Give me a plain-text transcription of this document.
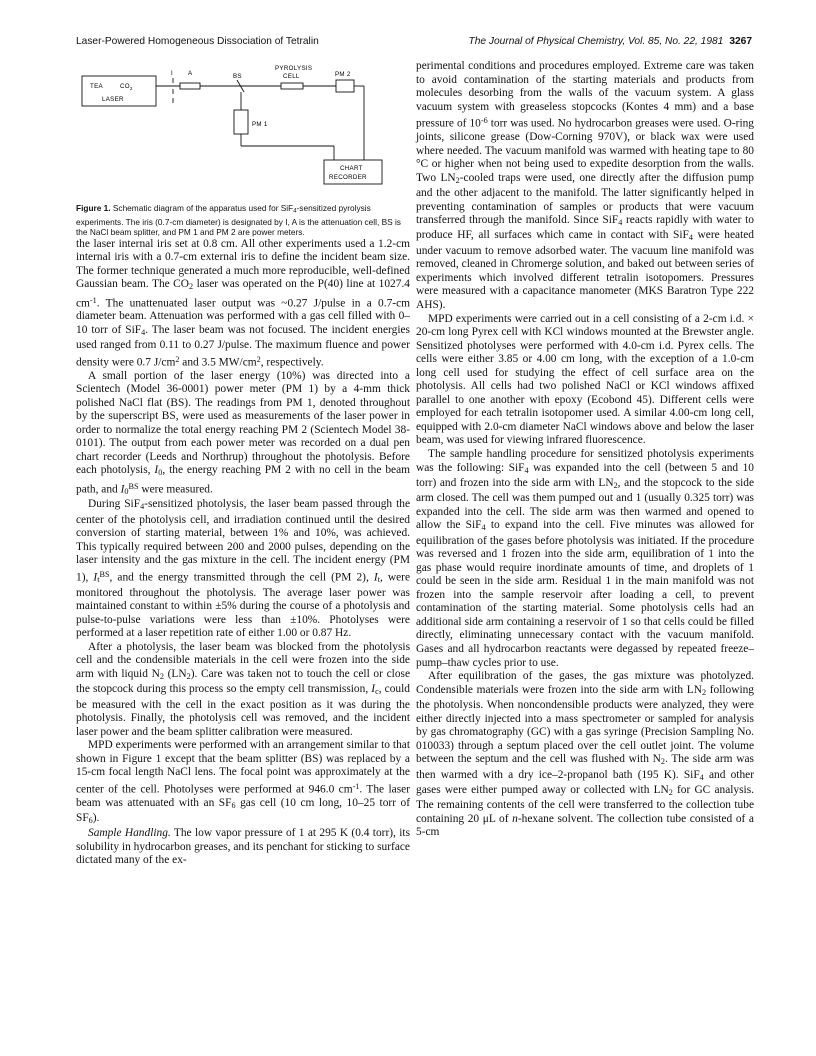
Laser-Powered Homogeneous Dissociation of Tetralin	The Journal of Physical Chemistry, Vol. 85, No. 22, 1981 3267
TEA	$CO_2$
LASER
I A	BS
PYROLYSIS
CELL	PM 2
PM 1
CHART
RECORDER

Figure 1. Schematic diagram of the apparatus used for SiF$_4$-sensitized pyrolysis experiments. The iris (0.7-cm diameter) is designated by I, A is the attenuation cell, BS is the NaCl beam splitter, and PM 1 and PM 2 are power meters.

the laser internal iris set at 0.8 cm. All other experiments used a 1.2-cm internal iris with a 0.7-cm external iris to define the incident beam size. The former technique generated a much more reproducible, well-defined Gaussian beam. The $CO_2$ laser was operated on the P(40) line at 1027.4 $cm^{-1}$. The unattenuated laser output was ~0.27 J/pulse in a 0.7-cm diameter beam. Attenuation was performed with a gas cell filled with 0–10 torr of SiF$_4$. The laser beam was not focused. The incident energies used ranged from 0.11 to 0.27 J/pulse. The maximum fluence and power density were 0.7 $J/cm^2$ and 3.5 $MW/cm^2$, respectively.

A small portion of the laser energy (10%) was directed into a Scientech (Model 36-0001) power meter (PM 1) by a 4-mm thick polished NaCl flat (BS). The readings from PM 1, denoted throughout by the superscript BS, were used as measurements of the laser power in order to normalize the total energy reaching PM 2 (Scientech Model 38-0101). The output from each power meter was recorded on a dual pen chart recorder (Leeds and Northrup) throughout the photolysis. Before each photolysis, $I_0$, the energy reaching PM 2 with no cell in the beam path, and $I_0^{BS}$ were measured.

During SiF$_4$-sensitized photolysis, the laser beam passed through the center of the photolysis cell, and irradiation continued until the desired conversion of starting material, between 1% and 10%, was achieved. This typically required between 200 and 2000 pulses, depending on the laser intensity and the gas mixture in the cell. The incident energy (PM 1), $I_t^{BS}$, and the energy transmitted through the cell (PM 2), $I_t$, were monitored throughout the photolysis. The average laser power was maintained constant to within ±5% during the course of a photolysis and pulse-to-pulse variations were less than ±10%. Photolyses were performed at a laser repetition rate of either 1.00 or 0.87 Hz.

After a photolysis, the laser beam was blocked from the photolysis cell and the condensible materials in the cell were frozen into the side arm with liquid $N_2$ $(LN_2)$. Care was taken not to touch the cell or close the stopcock during this process so the empty cell transmission, $I_c$, could be measured with the cell in the exact position as it was during the photolysis. Finally, the photolysis cell was removed, and the incident laser power and the beam splitter calibration were measured.

MPD experiments were performed with an arrangement similar to that shown in Figure 1 except that the beam splitter (BS) was replaced by a 15-cm focal length NaCl lens. The focal point was approximately at the center of the cell. Photolyses were performed at 946.0 $cm^{-1}$. The laser beam was attenuated with an $SF_6$ gas cell (10 cm long, 10–25 torr of $SF_6$).

Sample Handling. The low vapor pressure of 1 at 295 K (0.4 torr), its solubility in hydrocarbon greases, and its penchant for sticking to surface dictated many of the ex-

perimental conditions and procedures employed. Extreme care was taken to avoid contamination of the starting materials and products from molecules desorbing from the walls of the vacuum system. A glass vacuum system with greaseless stopcocks (Kontes 4 mm) and a base pressure of $10^{-6}$ torr was used. No hydrocarbon greases were used. O-ring joints, silicone grease (Dow-Corning 970V), or black wax were used where needed. The vacuum manifold was warmed with heating tape to 80 °C or higher when not being used to expedite desorption from the walls. Two $LN_2$-cooled traps were used, one directly after the diffusion pump and the other adjacent to the manifold. The latter significantly helped in preventing contamination of samples or products that were vacuum transferred through the manifold. Since SiF$_4$ reacts rapidly with water to produce HF, all surfaces which came in contact with SiF$_4$ were heated under vacuum to remove adsorbed water. The vacuum line manifold was removed, cleaned in Chromerge solution, and baked out between series of experiments which involved different tetralin isotopomers. Pressures were measured with a capacitance manometer (MKS Baratron Type 222 AHS).

MPD experiments were carried out in a cell consisting of a 2-cm i.d. × 20-cm long Pyrex cell with KCl windows mounted at the Brewster angle. Sensitized photolyses were performed with 4.0-cm i.d. Pyrex cells. The cells were either 3.85 or 4.00 cm long, with the exception of a 1.0-cm long cell used for studying the effect of cell surface area on the photolysis. All cells had two polished NaCl or KCl windows affixed parallel to one another with epoxy (Ecobond 45). Different cells were employed for each tetralin isotopomer used. A similar 4.00-cm long cell, equipped with 2.0-cm diameter NaCl windows above and below the laser beam, was used for viewing infrared fluorescence.

The sample handling procedure for sensitized photolysis experiments was the following: SiF$_4$ was expanded into the cell (between 5 and 10 torr) and frozen into the side arm with $LN_2$, and the stopcock to the side arm closed. The cell was them pumped out and 1 (usually 0.325 torr) was expanded into the cell. The side arm was then warmed and opened to allow the SiF$_4$ to expand into the cell. Five minutes was allowed for equilibration of the gases before photolysis was initiated. If the procedure was reversed and 1 frozen into the side arm, equilibration of 1 into the gas phase would require inordinate amounts of time, and droplets of 1 could be seen in the side arm. Residual 1 in the main manifold was not frozen into the sample reservoir after loading a cell, to prevent contamination of the starting material. Some photolysis cells had an additional side arm containing a reservoir of 1 so that cells could be filled directly, eliminating unnecessary contact with the vacuum manifold. Gases and all hydrocarbon reactants were degassed by repeated freeze–pump–thaw cycles prior to use.

After equilibration of the gases, the gas mixture was photolyzed. Condensible materials were frozen into the side arm with $LN_2$ following the photolysis. When noncondensible products were analyzed, they were either directly injected into a mass spectrometer or sampled for analysis by gas chromatography (GC) with a gas syringe (Precision Sampling No. 010033) through a septum placed over the cell outlet joint. The volume between the septum and the cell was flushed with $N_2$. The side arm was then warmed with a dry ice–2-propanol bath (195 K). SiF$_4$ and other gases were either pumped away or collected with $LN_2$ for GC analysis. The remaining contents of the cell were transferred to the collection tube containing 20 μL of n-hexane solvent. The collection tube consisted of a 5-cm
